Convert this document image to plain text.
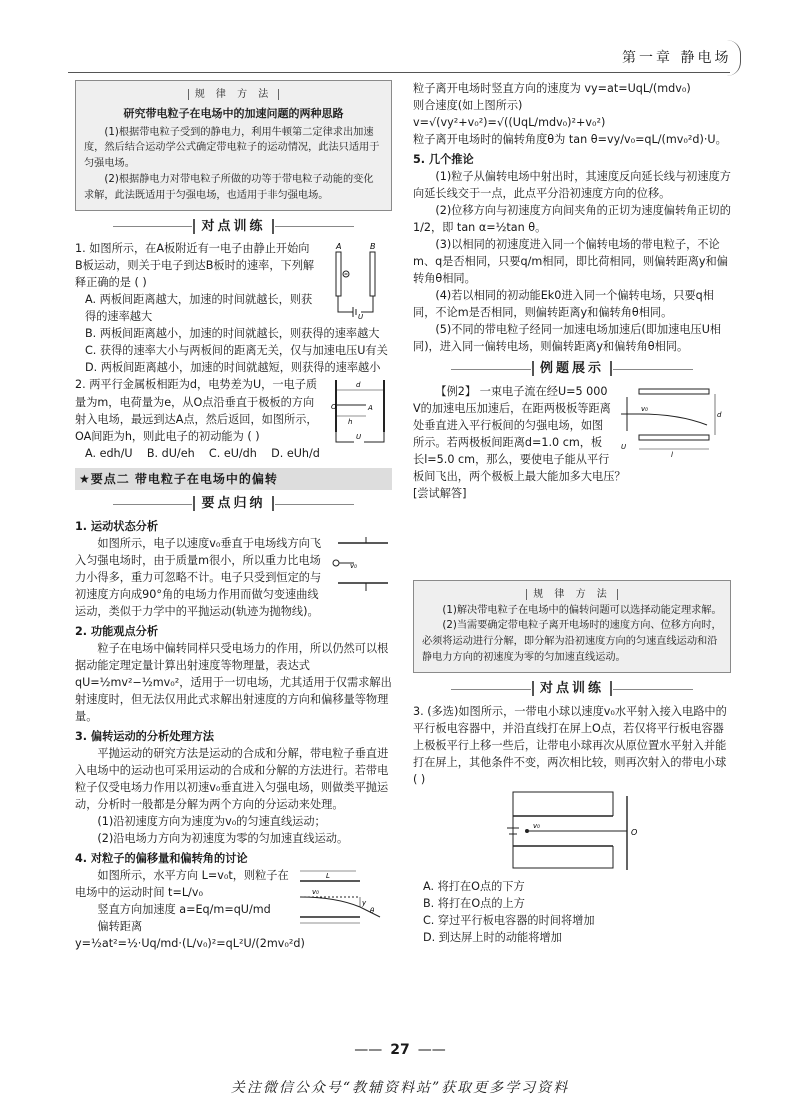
第一章 静电场
规 律 方 法
研究带电粒子在电场中的加速问题的两种思路

(1)根据带电粒子受到的静电力，利用牛顿第二定律求出加速度，然后结合运动学公式确定带电粒子的运动情况，此法只适用于匀强电场。

(2)根据静电力对带电粒子所做的功等于带电粒子动能的变化求解，此法既适用于匀强电场，也适用于非匀强电场。

对点训练
A	B
U

1. 如图所示，在A板附近有一电子由静止开始向B板运动，则关于电子到达B板时的速率，下列解释正确的是 ( )

A. 两板间距离越大，加速的时间就越长，则获得的速率越大

B. 两板间距离越小，加速的时间就越长，则获得的速率越大

C. 获得的速率大小与两板间的距离无关，仅与加速电压U有关

D. 两板间距离越小，加速的时间就越短，则获得的速率越小

d
O	A
h
U

2. 两平行金属板相距为d，电势差为U，一电子质量为m，电荷量为e，从O点沿垂直于极板的方向射入电场，最远到达A点，然后返回，如图所示，OA间距为h，则此电子的初动能为 ( )

A. edh/U B. dU/eh C. eU/dh D. eUh/d

★要点二 带电粒子在电场中的偏转
要点归纳

1. 运动状态分析

v₀

如图所示，电子以速度v₀垂直于电场线方向飞入匀强电场时，由于质量m很小，所以重力比电场力小得多，重力可忽略不计。电子只受到恒定的与初速度方向成90°角的电场力作用而做匀变速曲线运动，类似于力学中的平抛运动(轨迹为抛物线)。

2. 功能观点分析

粒子在电场中偏转同样只受电场力的作用，所以仍然可以根据动能定理定量计算出射速度等物理量，表达式 qU=½mv²−½mv₀²，适用于一切电场，尤其适用于仅需求解出射速度时，但无法仅用此式求解出射速度的方向和偏移量等物理量。

3. 偏转运动的分析处理方法

平抛运动的研究方法是运动的合成和分解，带电粒子垂直进入电场中的运动也可采用运动的合成和分解的方法进行。若带电粒子仅受电场力作用以初速v₀垂直进入匀强电场，则做类平抛运动，分析时一般都是分解为两个方向的分运动来处理。

(1)沿初速度方向为速度为v₀的匀速直线运动；

(2)沿电场力方向为初速度为零的匀加速直线运动。

4. 对粒子的偏移量和偏转角的讨论

L
v₀
y
θ

如图所示，水平方向 L=v₀t，则粒子在电场中的运动时间 t=L/v₀

竖直方向加速度 a=Eq/m=qU/md

偏转距离 y=½at²=½·Uq/md·(L/v₀)²=qL²U/(2mv₀²d)

粒子离开电场时竖直方向的速度为 vy=at=UqL/(mdv₀)

则合速度(如上图所示)

v=√(vy²+v₀²)=√((UqL/mdv₀)²+v₀²)

粒子离开电场时的偏转角度θ为 tan θ=vy/v₀=qL/(mv₀²d)·U。

5. 几个推论

(1)粒子从偏转电场中射出时，其速度反向延长线与初速度方向延长线交于一点，此点平分沿初速度方向的位移。

(2)位移方向与初速度方向间夹角的正切为速度偏转角正切的1/2，即 tan α=½tan θ。

(3)以相同的初速度进入同一个偏转电场的带电粒子，不论m、q是否相同，只要q/m相同，即比荷相同，则偏转距离y和偏转角θ相同。

(4)若以相同的初动能Ek0进入同一个偏转电场，只要q相同，不论m是否相同，则偏转距离y和偏转角θ相同。

(5)不同的带电粒子经同一加速电场加速后(即加速电压U相同)，进入同一偏转电场，则偏转距离y和偏转角θ相同。

例题展示
v₀
d
U
l

【例2】 一束电子流在经U=5 000 V的加速电压加速后，在距两极板等距离处垂直进入平行板间的匀强电场，如图所示。若两极板间距离d=1.0 cm，板长l=5.0 cm，那么，要使电子能从平行板间飞出，两个极板上最大能加多大电压？

[尝试解答]

规 律 方 法

(1)解决带电粒子在电场中的偏转问题可以选择动能定理求解。

(2)当需要确定带电粒子离开电场时的速度方向、位移方向时，必须将运动进行分解，即分解为沿初速度方向的匀速直线运动和沿静电力方向的初速度为零的匀加速直线运动。

对点训练

3. (多选)如图所示，一带电小球以速度v₀水平射入接入电路中的平行板电容器中，并沿直线打在屏上O点，若仅将平行板电容器上极板平行上移一些后，让带电小球再次从原位置水平射入并能打在屏上，其他条件不变，两次相比较，则再次射入的带电小球 ( )

v₀
O

A. 将打在O点的下方

B. 将打在O点的上方

C. 穿过平行板电容器的时间将增加

D. 到达屏上时的动能将增加

—— 27 ——
关注微信公众号“教辅资料站”获取更多学习资料
